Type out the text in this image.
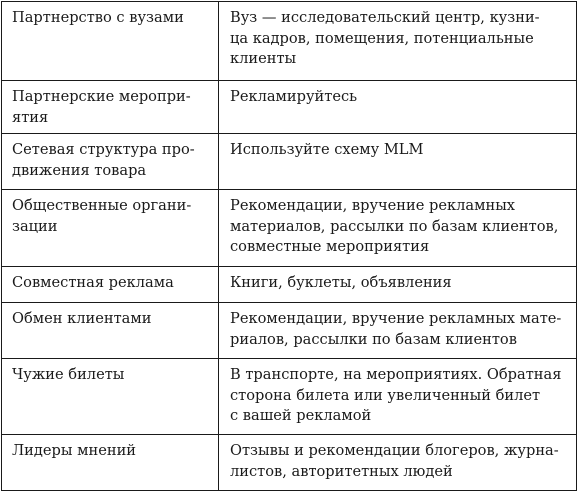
Партнерство с вузами	Вуз — исследовательский центр, кузни-
ца кадров, помещения, потенциальные
клиенты
Партнерские меропри-
ятия	Рекламируйтесь
Сетевая структура про-
движения товара	Используйте схему MLM
Общественные органи-
зации	Рекомендации, вручение рекламных
материалов, рассылки по базам клиентов,
совместные мероприятия
Совместная реклама	Книги, буклеты, объявления
Обмен клиентами	Рекомендации, вручение рекламных мате-
риалов, рассылки по базам клиентов
Чужие билеты	В транспорте, на мероприятиях. Обратная
сторона билета или увеличенный билет
с вашей рекламой
Лидеры мнений	Отзывы и рекомендации блогеров, журна-
листов, авторитетных людей
